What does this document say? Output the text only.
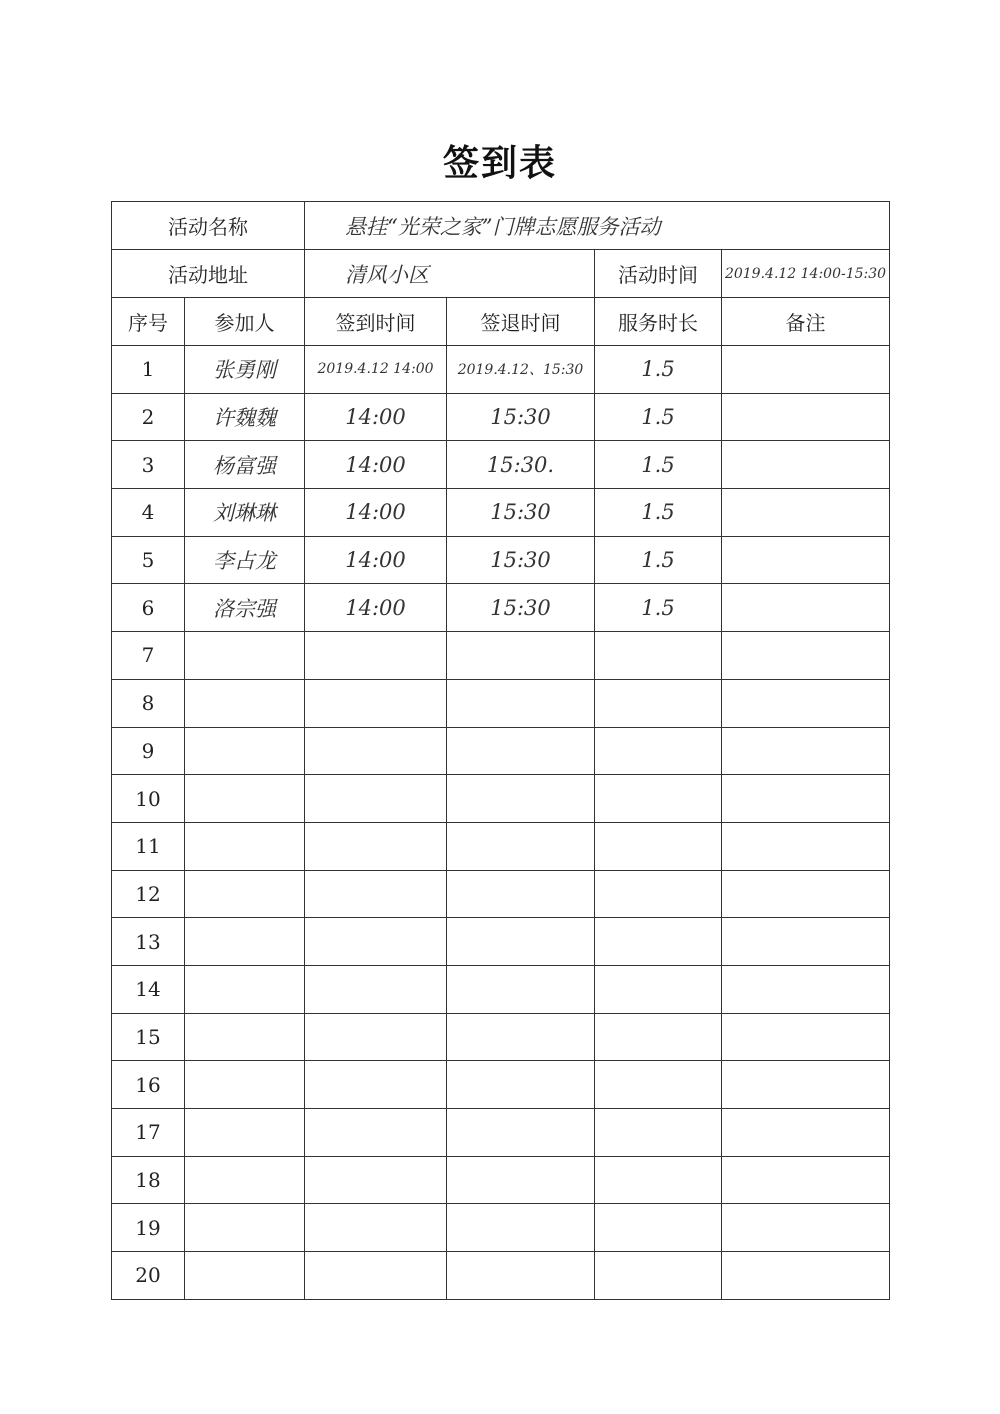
签到表
活动名称		悬挂“光荣之家”门牌志愿服务活动			
活动地址		清风小区		活动时间	2019.4.12 14:00-15:30
序号	参加人	签到时间	签退时间	服务时长	备注
1	张勇刚	2019.4.12 14:00	2019.4.12、15:30	1.5	
2	许魏魏	14:00	15:30	1.5	
3	杨富强	14:00	15:30.	1.5	
4	刘琳琳	14:00	15:30	1.5	
5	李占龙	14:00	15:30	1.5	
6	洛宗强	14:00	15:30	1.5	
7					
8					
9					
10					
11					
12					
13					
14					
15					
16					
17					
18					
19					
20					
